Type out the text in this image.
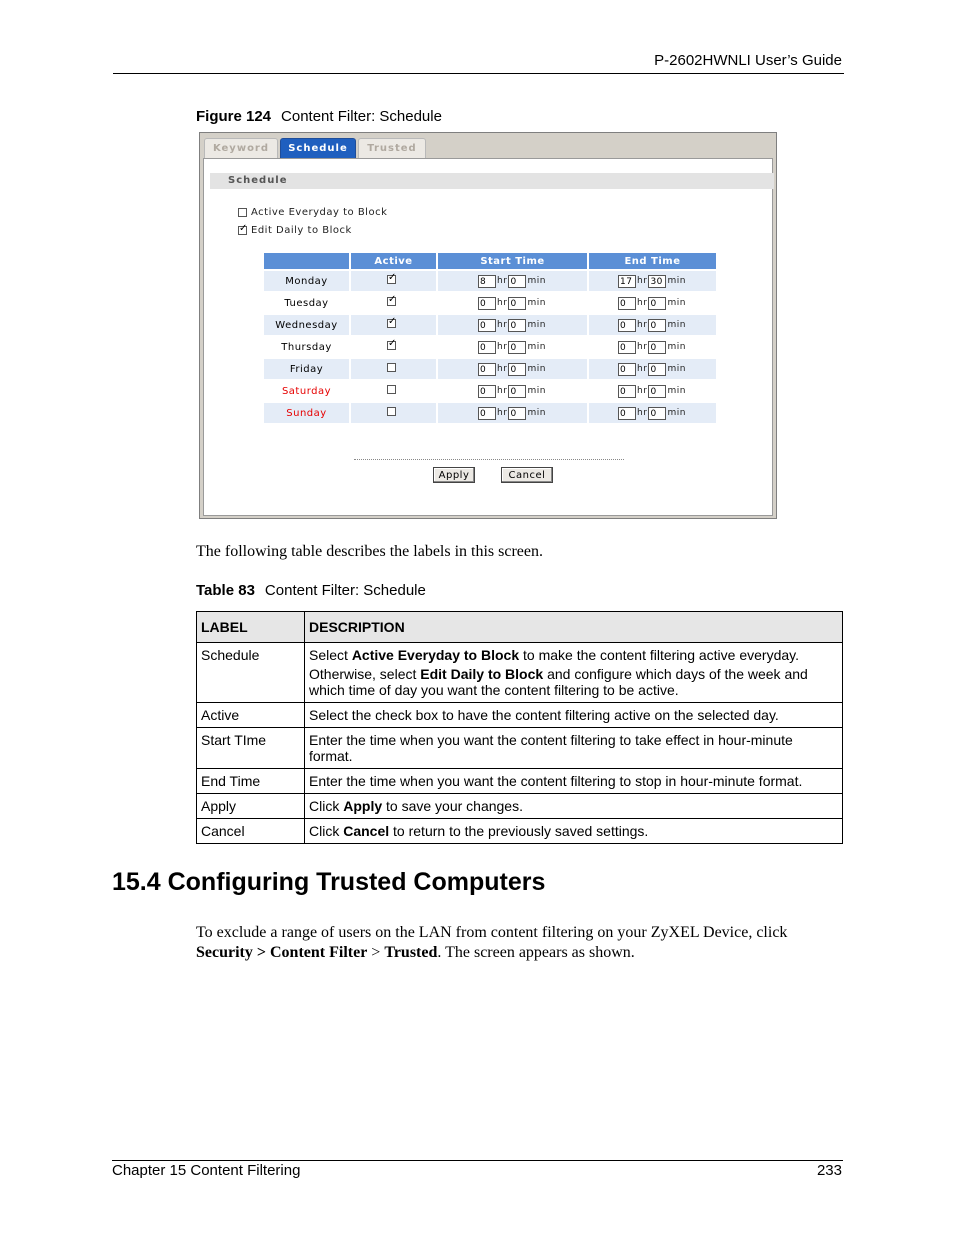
P-2602HWNLI User’s Guide
Figure 124 Content Filter: Schedule
Keyword	Schedule	Trusted
Schedule
Active Everyday to Block
✓
Edit Daily to Block
	Active	Start Time	End Time
Monday	✓	8 hr 0 min	17 hr 30 min
Tuesday	✓	0 hr 0 min	0 hr 0 min
Wednesday	✓	0 hr 0 min	0 hr 0 min
Thursday	✓	0 hr 0 min	0 hr 0 min
Friday		0 hr 0 min	0 hr 0 min
Saturday		0 hr 0 min	0 hr 0 min
Sunday		0 hr 0 min	0 hr 0 min
Apply	Cancel
The following table describes the labels in this screen.
Table 83 Content Filter: Schedule
LABEL	DESCRIPTION
Schedule	Select Active Everyday to Block to make the content filtering active everyday.

Otherwise, select Edit Daily to Block and configure which days of the week and which time of day you want the content filtering to be active.

Active	Select the check box to have the content filtering active on the selected day.

Start TIme	Enter the time when you want the content filtering to take effect in hour-minute format.

End Time	Enter the time when you want the content filtering to stop in hour-minute format.

Apply	Click Apply to save your changes.

Cancel	Click Cancel to return to the previously saved settings.

15.4 Configuring Trusted Computers
To exclude a range of users on the LAN from content filtering on your ZyXEL Device, click Security > Content Filter > Trusted. The screen appears as shown.
Chapter 15 Content Filtering	233
